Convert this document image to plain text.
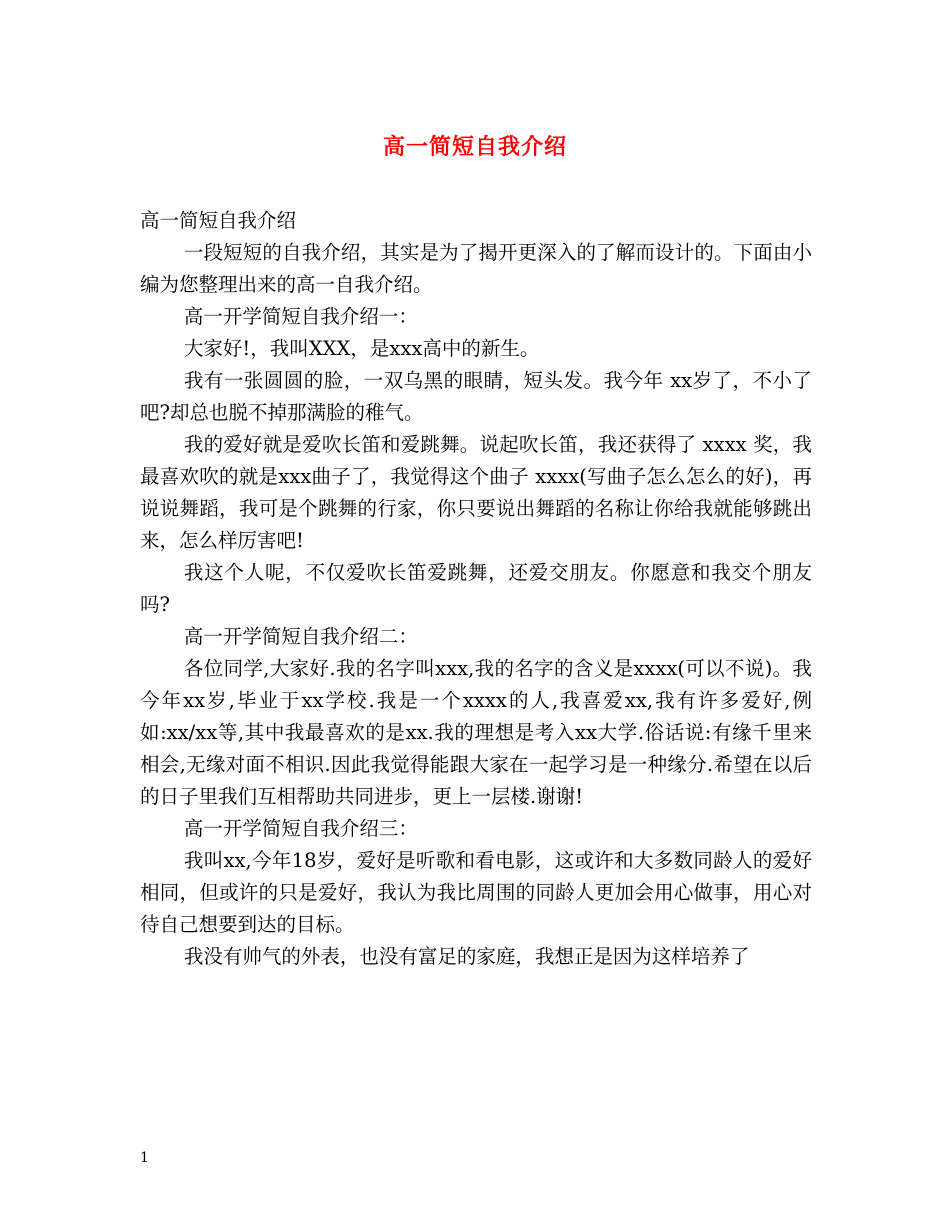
高一简短自我介绍

高一简短自我介绍

一段短短的自我介绍，其实是为了揭开更深入的了解而设计的。下面由小编为您整理出来的高一自我介绍。

高一开学简短自我介绍一：

大家好!，我叫XXX，是xxx高中的新生。

我有一张圆圆的脸，一双乌黑的眼睛，短头发。我今年 xx岁了，不小了吧?却总也脱不掉那满脸的稚气。

我的爱好就是爱吹长笛和爱跳舞。说起吹长笛，我还获得了 xxxx 奖，我最喜欢吹的就是xxx曲子了，我觉得这个曲子 xxxx(写曲子怎么怎么的好)，再说说舞蹈，我可是个跳舞的行家，你只要说出舞蹈的名称让你给我就能够跳出来，怎么样厉害吧!

我这个人呢，不仅爱吹长笛爱跳舞，还爱交朋友。你愿意和我交个朋友吗?

高一开学简短自我介绍二：

各位同学,大家好.我的名字叫xxx,我的名字的含义是xxxx(可以不说)。我今年xx岁,毕业于xx学校.我是一个xxxx的人,我喜爱xx,我有许多爱好,例如:xx/xx等,其中我最喜欢的是xx.我的理想是考入xx大学.俗话说:有缘千里来相会,无缘对面不相识.因此我觉得能跟大家在一起学习是一种缘分.希望在以后的日子里我们互相帮助共同进步，更上一层楼.谢谢!

高一开学简短自我介绍三：

我叫xx,今年18岁，爱好是听歌和看电影，这或许和大多数同龄人的爱好相同，但或许的只是爱好，我认为我比周围的同龄人更加会用心做事，用心对待自己想要到达的目标。

我没有帅气的外表，也没有富足的家庭，我想正是因为这样培养了

1
